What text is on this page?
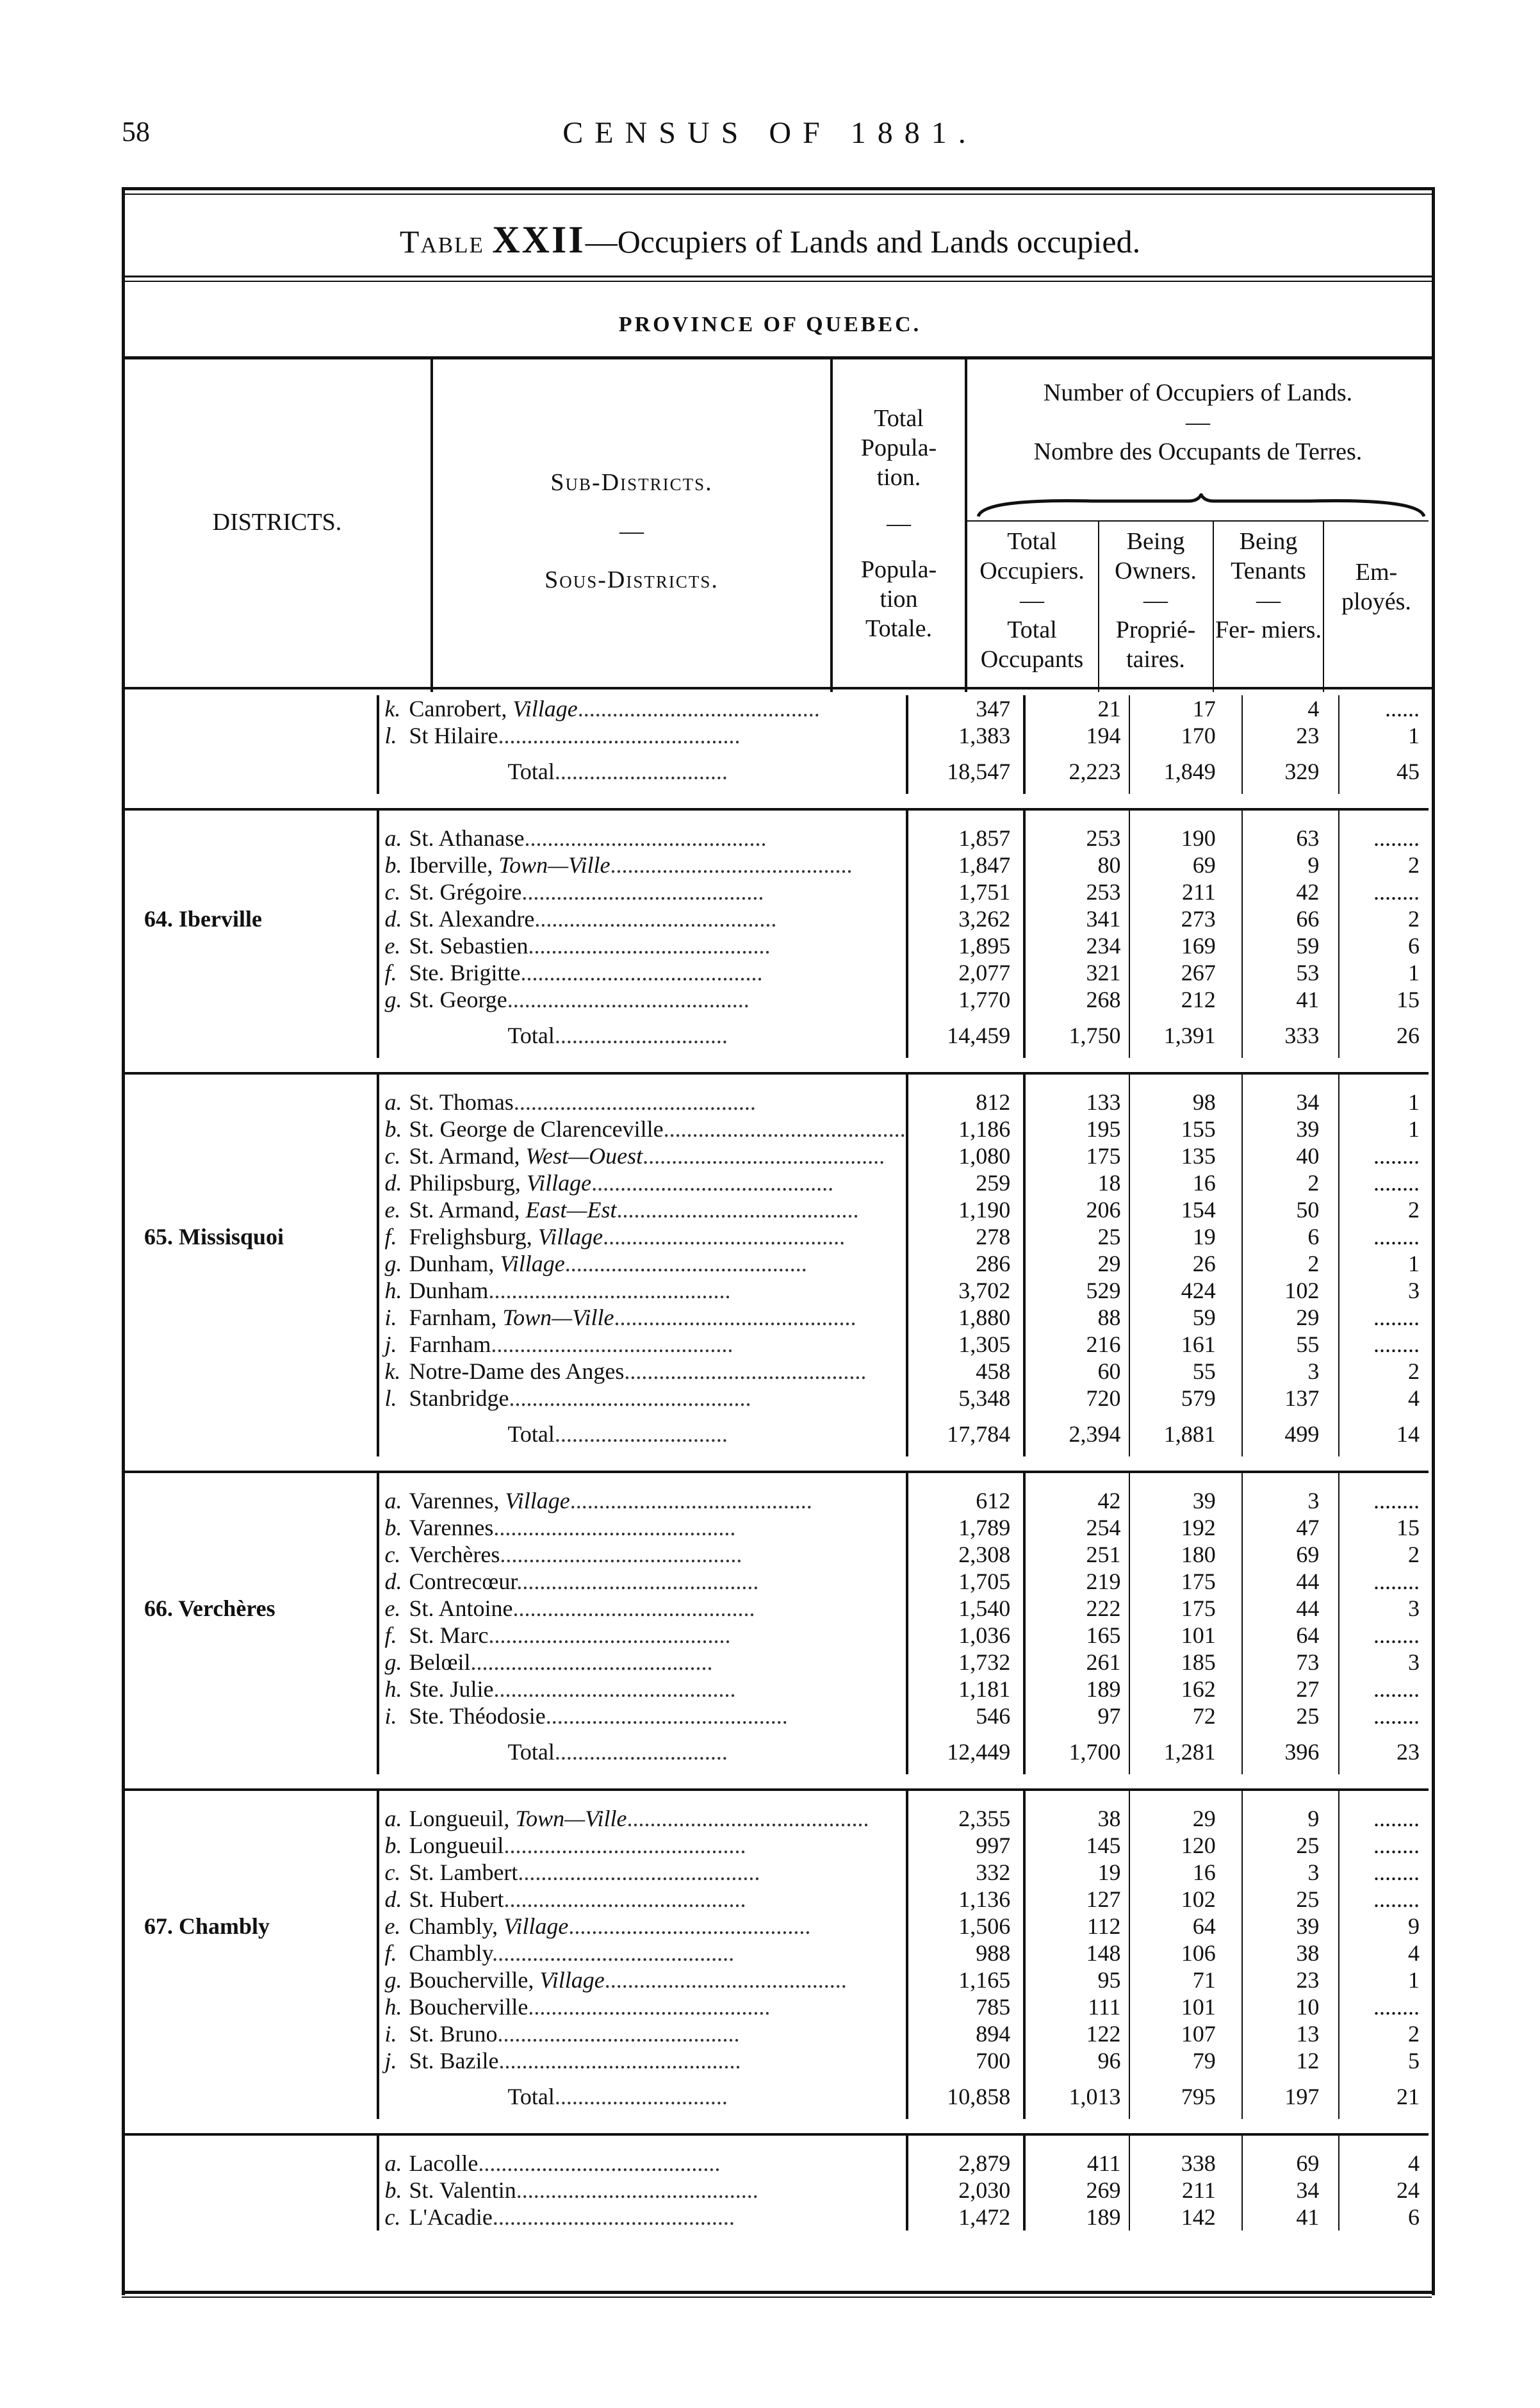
58	CENSUS OF 1881.
Table XXII—Occupiers of Lands and Lands occupied.
PROVINCE OF QUEBEC.
DISTRICTS.
Sub-Districts.
—
Sous-Districts.
Total Popula- tion.
—
Popula- tion Totale.
Number of Occupiers of Lands.
—
Nombre des Occupants de Terres.
Total Occupiers.
—
Total Occupants
Being Owners.
—
Proprié- taires.
Being Tenants
—
Fer- miers.
Em- ployés.
	k. Canrobert, Village..........................................	347	21	17	4	......
	l. St Hilaire..........................................	1,383	194	170	23	1
	Total..............................	18,547	2,223	1,849	329	45

	a. St. Athanase..........................................	1,857	253	190	63	........
	b. Iberville, Town—Ville..........................................	1,847	80	69	9	2
	c. St. Grégoire..........................................	1,751	253	211	42	........
64. Iberville	d. St. Alexandre..........................................	3,262	341	273	66	2
	e. St. Sebastien..........................................	1,895	234	169	59	6
	f. Ste. Brigitte..........................................	2,077	321	267	53	1
	g. St. George..........................................	1,770	268	212	41	15
	Total..............................	14,459	1,750	1,391	333	26

	a. St. Thomas..........................................	812	133	98	34	1
	b. St. George de Clarenceville..........................................	1,186	195	155	39	1
	c. St. Armand, West—Ouest..........................................	1,080	175	135	40	........
	d. Philipsburg, Village..........................................	259	18	16	2	........
	e. St. Armand, East—Est..........................................	1,190	206	154	50	2
65. Missisquoi	f. Frelighsburg, Village..........................................	278	25	19	6	........
	g. Dunham, Village..........................................	286	29	26	2	1
	h. Dunham..........................................	3,702	529	424	102	3
	i. Farnham, Town—Ville..........................................	1,880	88	59	29	........
	j. Farnham..........................................	1,305	216	161	55	........
	k. Notre-Dame des Anges..........................................	458	60	55	3	2
	l. Stanbridge..........................................	5,348	720	579	137	4
	Total..............................	17,784	2,394	1,881	499	14

	a. Varennes, Village..........................................	612	42	39	3	........
	b. Varennes..........................................	1,789	254	192	47	15
	c. Verchères..........................................	2,308	251	180	69	2
	d. Contrecœur..........................................	1,705	219	175	44	........
66. Verchères	e. St. Antoine..........................................	1,540	222	175	44	3
	f. St. Marc..........................................	1,036	165	101	64	........
	g. Belœil..........................................	1,732	261	185	73	3
	h. Ste. Julie..........................................	1,181	189	162	27	........
	i. Ste. Théodosie..........................................	546	97	72	25	........
	Total..............................	12,449	1,700	1,281	396	23

	a. Longueuil, Town—Ville..........................................	2,355	38	29	9	........
	b. Longueuil..........................................	997	145	120	25	........
	c. St. Lambert..........................................	332	19	16	3	........
	d. St. Hubert..........................................	1,136	127	102	25	........
67. Chambly	e. Chambly, Village..........................................	1,506	112	64	39	9
	f. Chambly..........................................	988	148	106	38	4
	g. Boucherville, Village..........................................	1,165	95	71	23	1
	h. Boucherville..........................................	785	111	101	10	........
	i. St. Bruno..........................................	894	122	107	13	2
	j. St. Bazile..........................................	700	96	79	12	5
	Total..............................	10,858	1,013	795	197	21

	a. Lacolle..........................................	2,879	411	338	69	4
	b. St. Valentin..........................................	2,030	269	211	34	24
	c. L'Acadie..........................................	1,472	189	142	41	6
